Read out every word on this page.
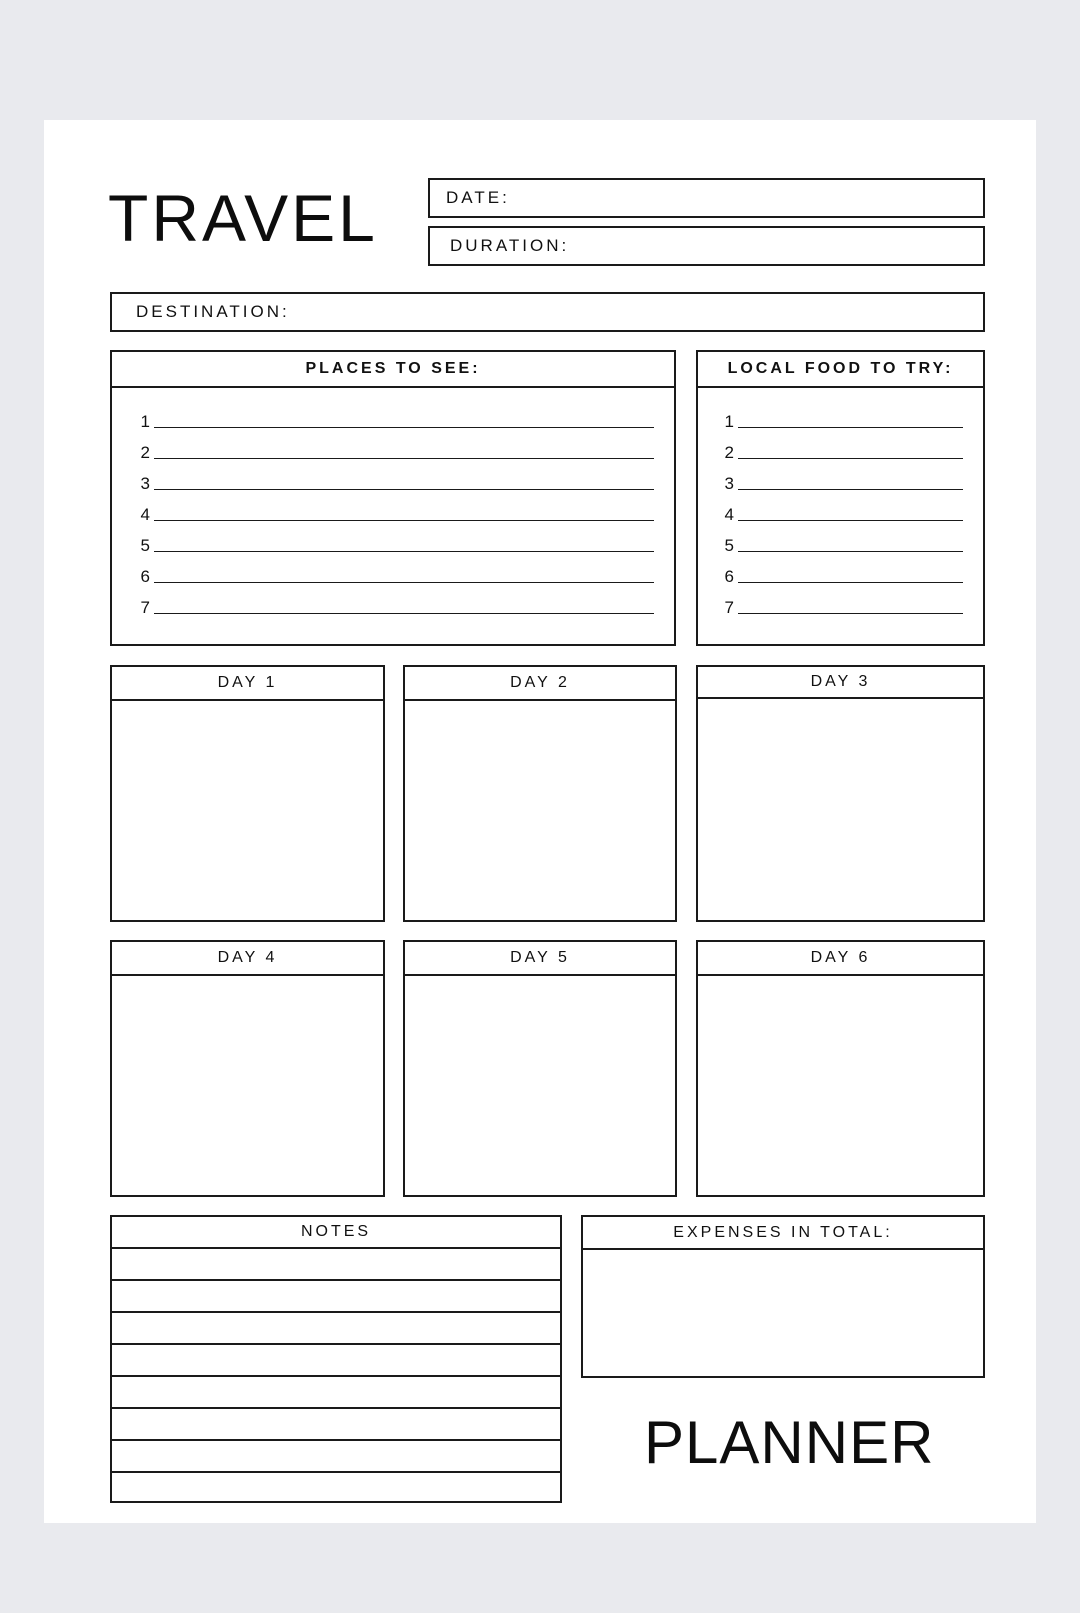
TRAVEL	DATE:
DURATION:
DESTINATION:
PLACES TO SEE:
1
2
3
4
5
6
7
LOCAL FOOD TO TRY:
1
2
3
4
5
6
7
DAY 1	DAY 2	DAY 3
DAY 4	DAY 5	DAY 6
NOTES	EXPENSES IN TOTAL:
PLANNER
